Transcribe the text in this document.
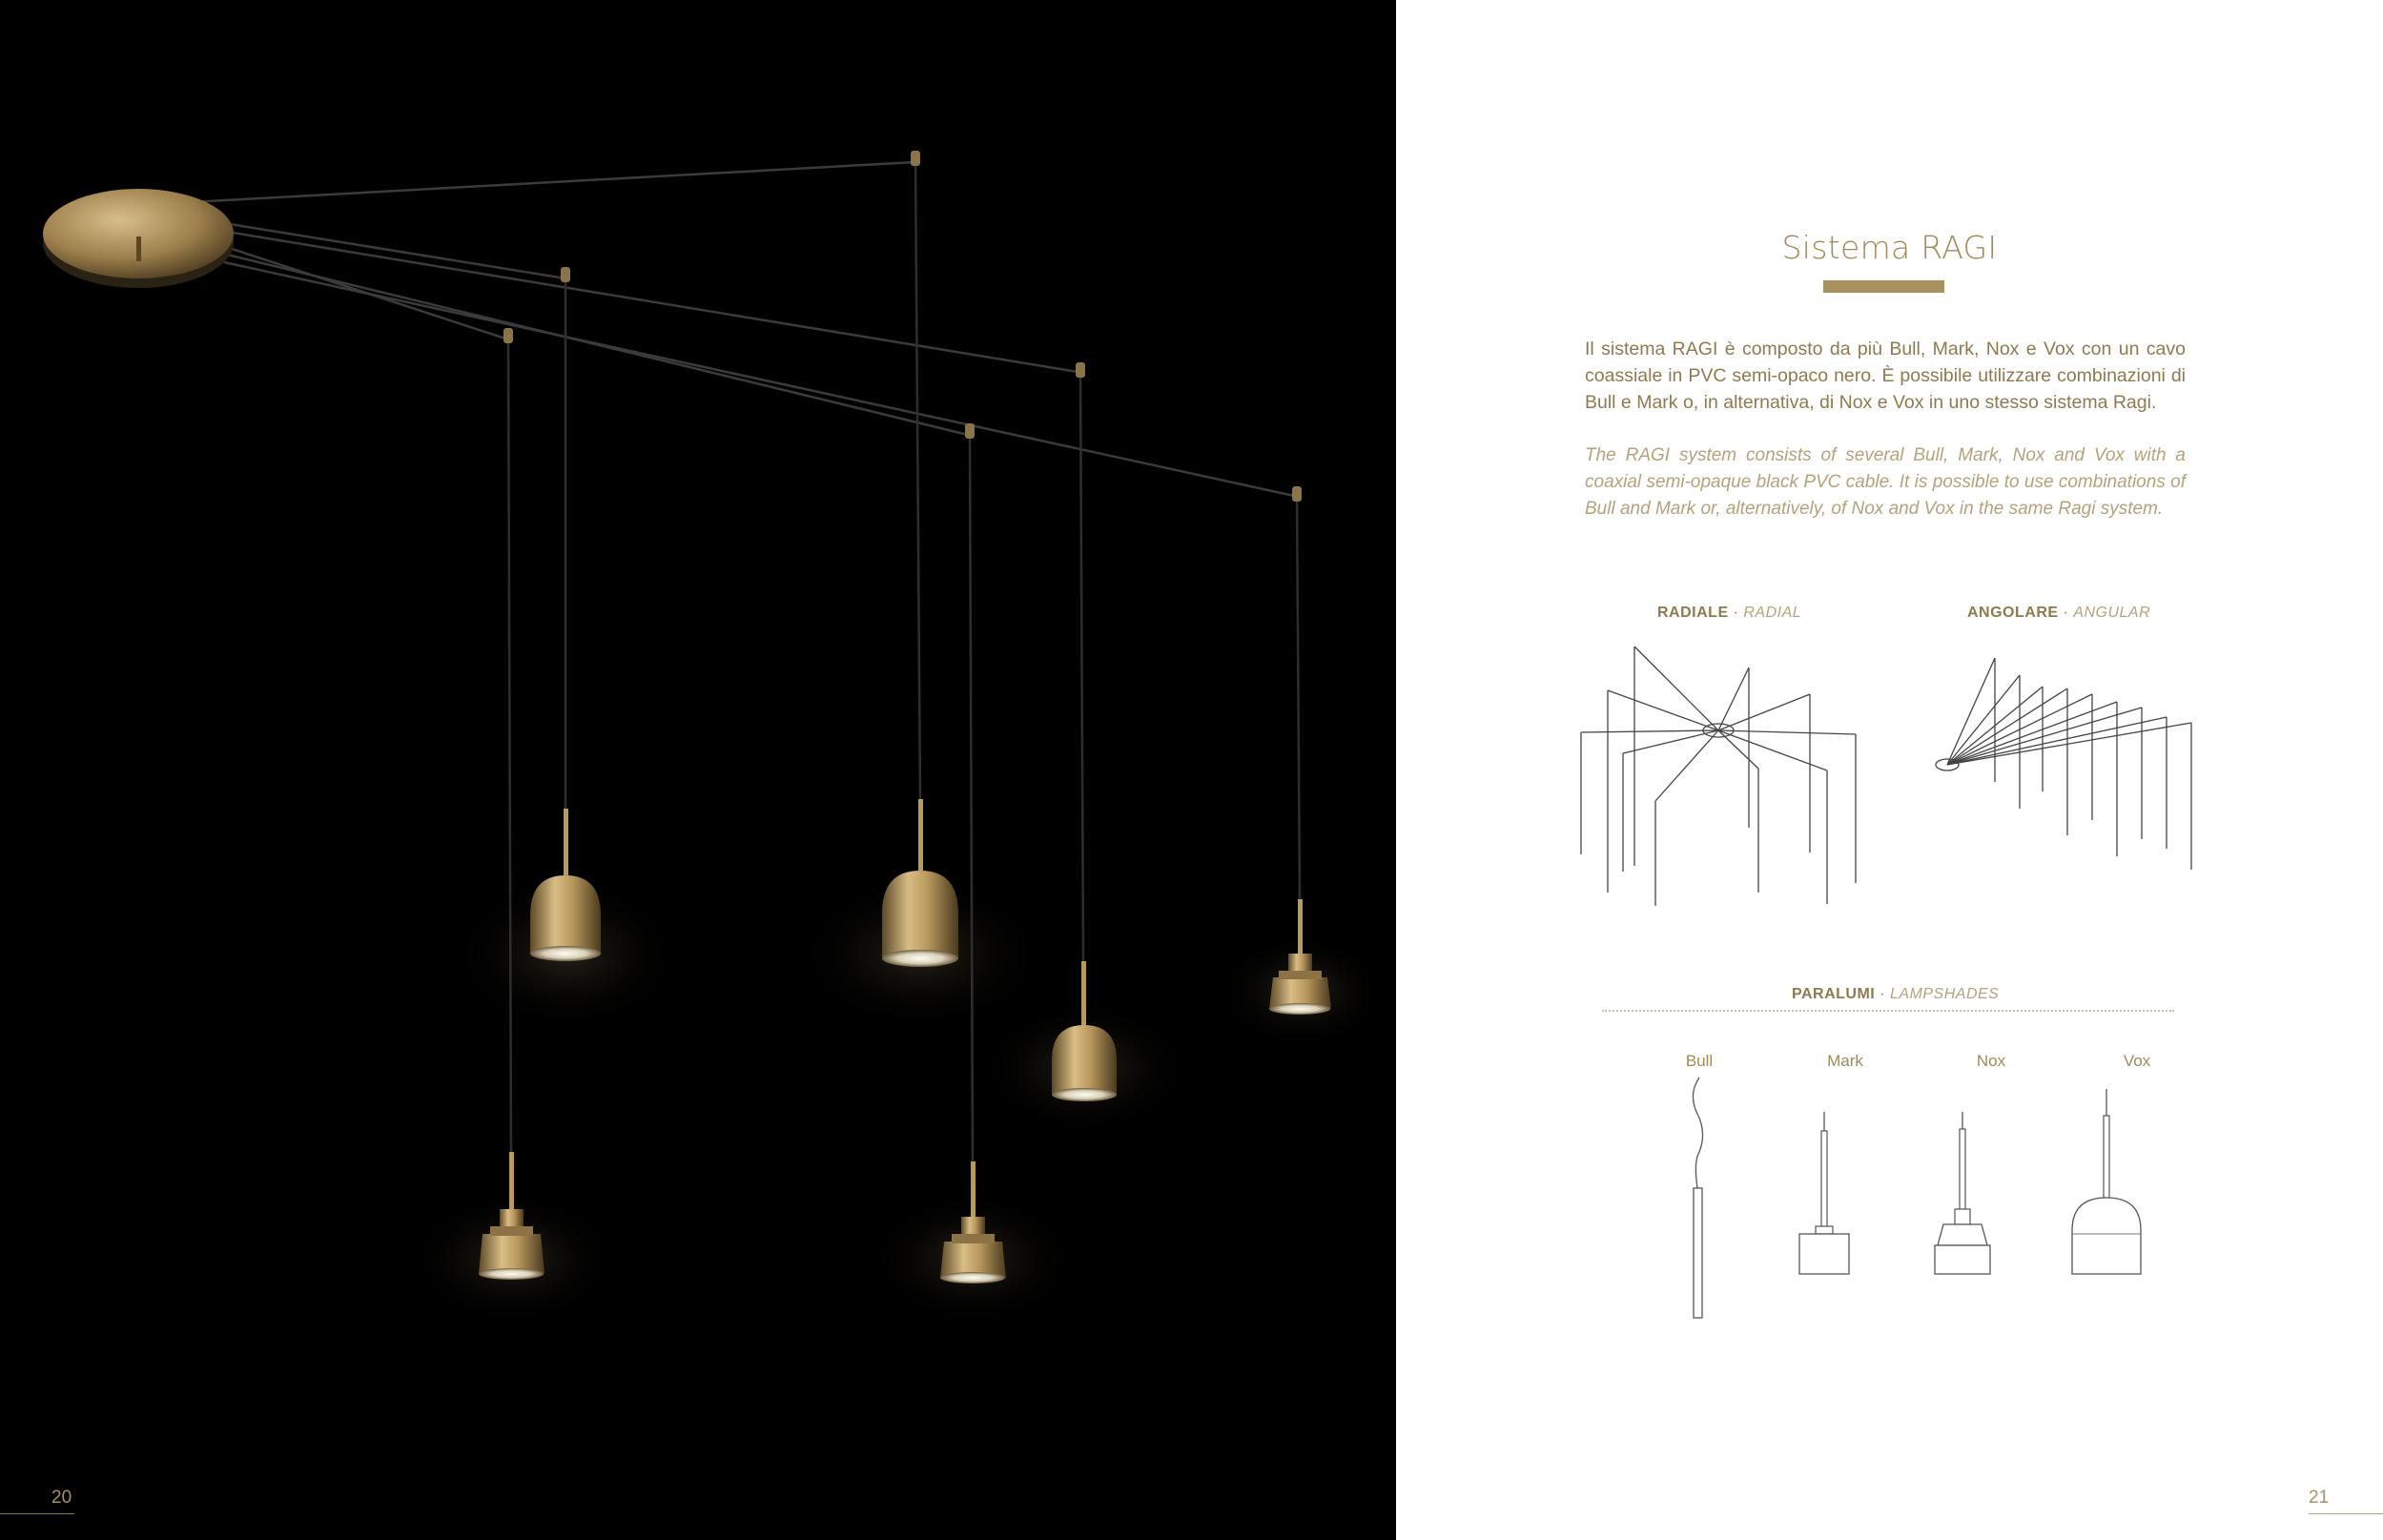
20
Sistema RAGI
Il sistema RAGI è composto da più Bull, Mark, Nox e Vox con un cavo coassiale in PVC semi-opaco nero. È possibile utilizzare combinazioni di Bull e Mark o, in alternativa, di Nox e Vox in uno stesso sistema Ragi.
The RAGI system consists of several Bull, Mark, Nox and Vox with a coaxial semi-opaque black PVC cable. It is possible to use combinations of Bull and Mark or, alternatively, of Nox and Vox in the same Ragi system.
RADIALE · RADIAL	ANGOLARE · ANGULAR
PARALUMI · LAMPSHADES
Bull	Mark	Nox	Vox
21
